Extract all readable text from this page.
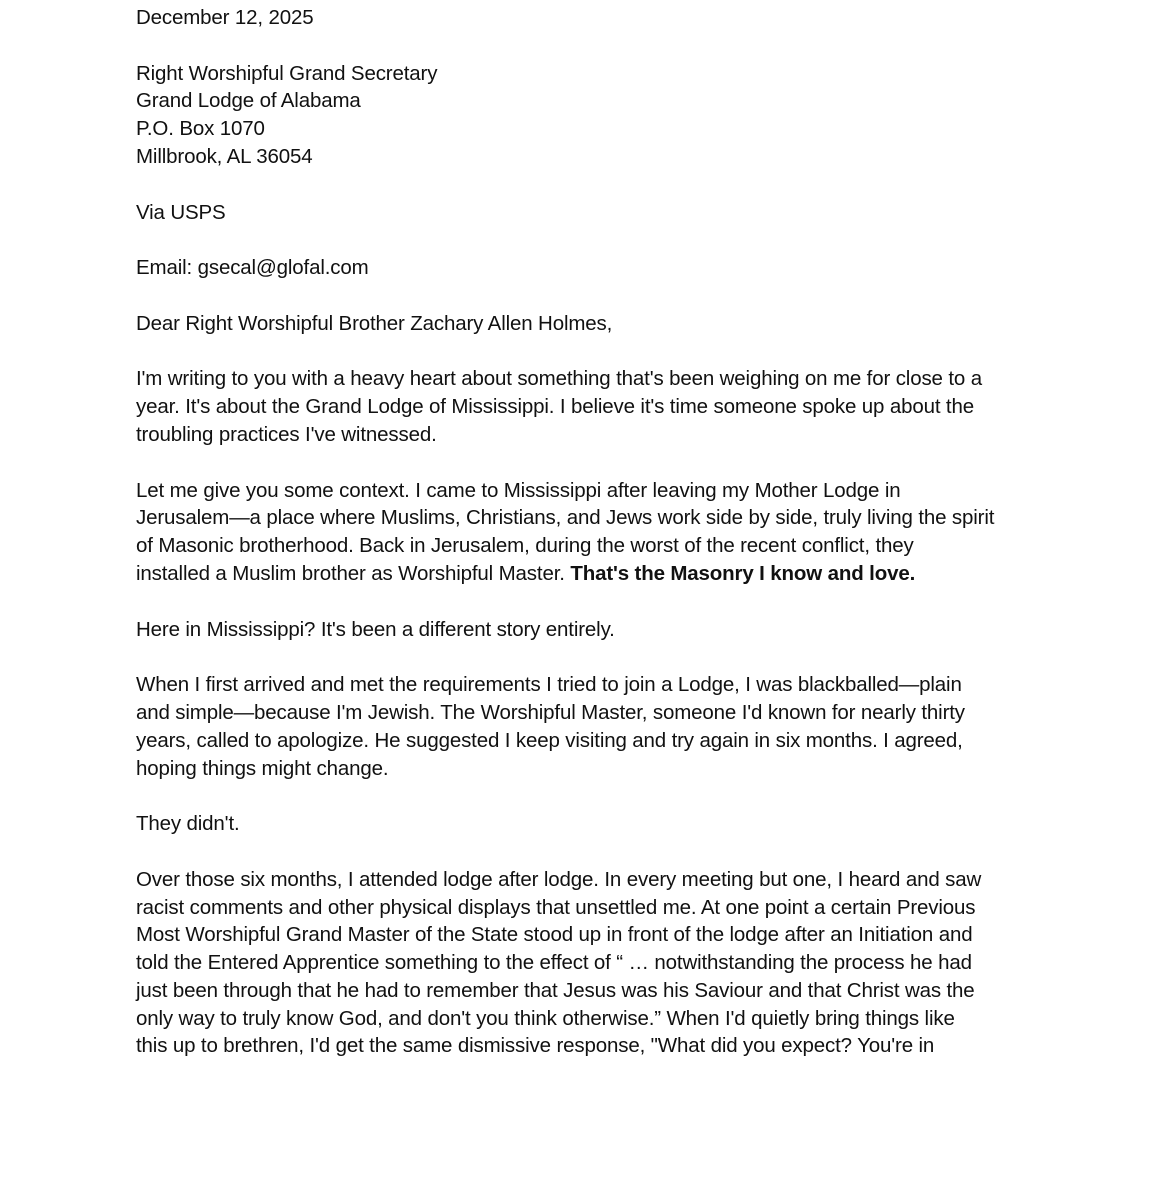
December 12, 2025
Right Worshipful Grand Secretary
Grand Lodge of Alabama
P.O. Box 1070
Millbrook, AL 36054
Via USPS
Email: gsecal@glofal.com
Dear Right Worshipful Brother Zachary Allen Holmes,
I'm writing to you with a heavy heart about something that's been weighing on me for close to a
year. It's about the Grand Lodge of Mississippi. I believe it's time someone spoke up about the
troubling practices I've witnessed.
Let me give you some context. I came to Mississippi after leaving my Mother Lodge in
Jerusalem—a place where Muslims, Christians, and Jews work side by side, truly living the spirit
of Masonic brotherhood. Back in Jerusalem, during the worst of the recent conflict, they
installed a Muslim brother as Worshipful Master. That's the Masonry I know and love.
Here in Mississippi? It's been a different story entirely.
When I first arrived and met the requirements I tried to join a Lodge, I was blackballed—plain
and simple—because I'm Jewish. The Worshipful Master, someone I'd known for nearly thirty
years, called to apologize. He suggested I keep visiting and try again in six months. I agreed,
hoping things might change.
They didn't.
Over those six months, I attended lodge after lodge. In every meeting but one, I heard and saw
racist comments and other physical displays that unsettled me. At one point a certain Previous
Most Worshipful Grand Master of the State stood up in front of the lodge after an Initiation and
told the Entered Apprentice something to the effect of “ … notwithstanding the process he had
just been through that he had to remember that Jesus was his Saviour and that Christ was the
only way to truly know God, and don't you think otherwise.” When I'd quietly bring things like
this up to brethren, I'd get the same dismissive response, "What did you expect? You're in
